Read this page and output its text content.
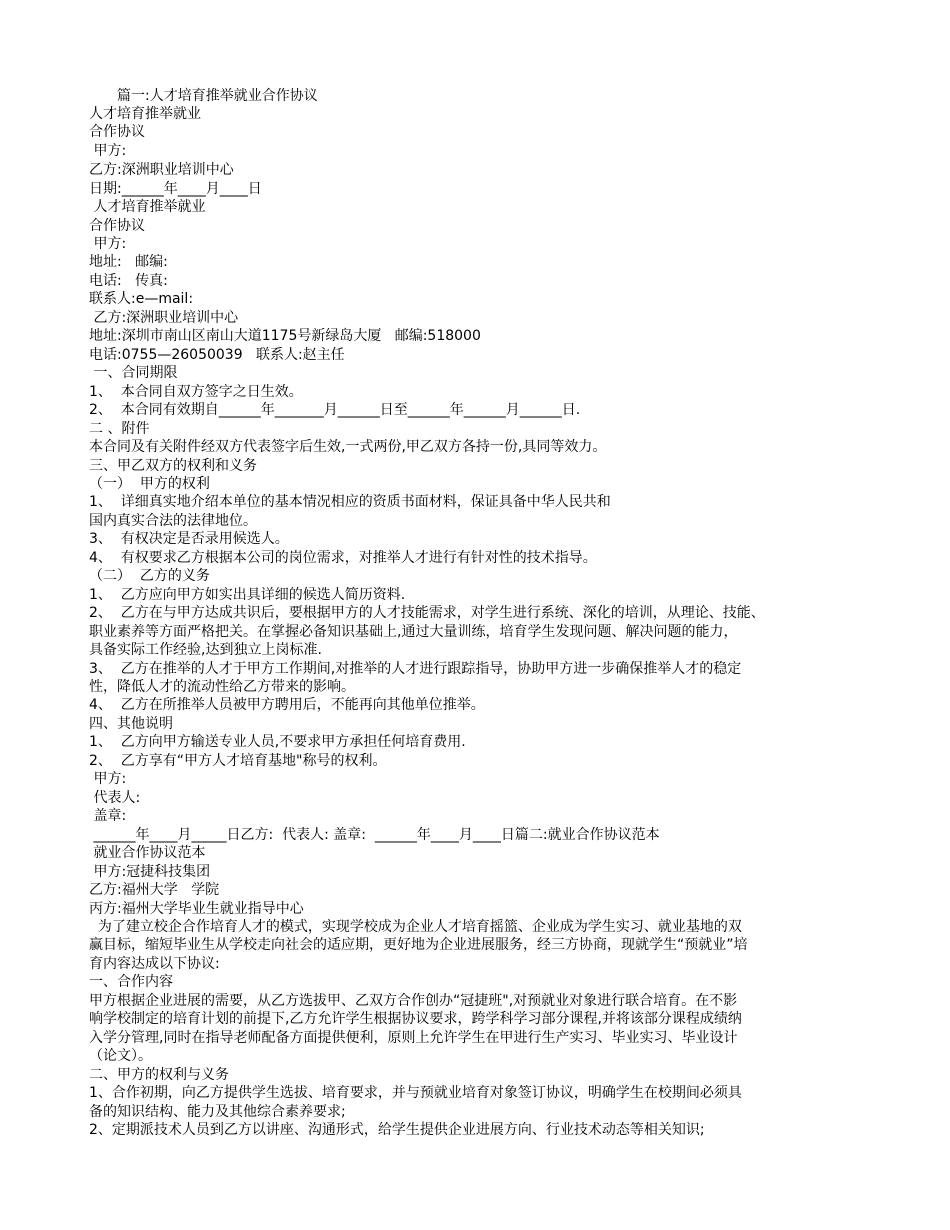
　　篇一:人才培育推举就业合作协议

人才培育推举就业

合作协议

甲方:

乙方:深洲职业培训中心

日期:______年____月____日

人才培育推举就业

合作协议

甲方:

地址:   邮编:

电话:   传真:

联系人:e—mail:

乙方:深洲职业培训中心

地址:深圳市南山区南山大道1175号新绿岛大厦   邮编:518000

电话:0755—26050039   联系人:赵主任

一、合同期限

1、  本合同自双方签字之日生效。

2、  本合同有效期自______年_______月______日至______年______月______日.

二 、附件

本合同及有关附件经双方代表签字后生效,一式两份,甲乙双方各持一份,具同等效力。

三、甲乙双方的权利和义务

（一）  甲方的权利

1、  详细真实地介绍本单位的基本情况相应的资质书面材料，保证具备中华人民共和

国内真实合法的法律地位。

3、  有权决定是否录用候选人。

4、  有权要求乙方根据本公司的岗位需求，对推举人才进行有针对性的技术指导。

（二）  乙方的义务

1、  乙方应向甲方如实出具详细的候选人简历资料.

2、  乙方在与甲方达成共识后，要根据甲方的人才技能需求，对学生进行系统、深化的培训，从理论、技能、

职业素养等方面严格把关。在掌握必备知识基础上,通过大量训练，培育学生发现问题、解决问题的能力，

具备实际工作经验,达到独立上岗标准.

3、  乙方在推举的人才于甲方工作期间,对推举的人才进行跟踪指导，协助甲方进一步确保推举人才的稳定

性，降低人才的流动性给乙方带来的影响。

4、  乙方在所推举人员被甲方聘用后，不能再向其他单位推举。

四、其他说明

1、  乙方向甲方输送专业人员,不要求甲方承担任何培育费用.

2、  乙方享有“甲方人才培育基地"称号的权利。

甲方:

代表人:

盖章:

______年____月_____日乙方:  代表人: 盖章:  ______年____月____日篇二:就业合作协议范本

就业合作协议范本

甲方:冠捷科技集团

乙方:福州大学   学院

丙方:福州大学毕业生就业指导中心

为了建立校企合作培育人才的模式，实现学校成为企业人才培育摇篮、企业成为学生实习、就业基地的双

赢目标，缩短毕业生从学校走向社会的适应期，更好地为企业进展服务，经三方协商，现就学生“预就业”培

育内容达成以下协议:

一、合作内容

甲方根据企业进展的需要，从乙方选拔甲、乙双方合作创办“冠捷班",对预就业对象进行联合培育。在不影

响学校制定的培育计划的前提下,乙方允许学生根据协议要求，跨学科学习部分课程,并将该部分课程成绩纳

入学分管理,同时在指导老师配备方面提供便利，原则上允许学生在甲进行生产实习、毕业实习、毕业设计

（论文）。

二、甲方的权利与义务

1、合作初期，向乙方提供学生选拔、培育要求，并与预就业培育对象签订协议，明确学生在校期间必须具

备的知识结构、能力及其他综合素养要求;

2、定期派技术人员到乙方以讲座、沟通形式，给学生提供企业进展方向、行业技术动态等相关知识;
